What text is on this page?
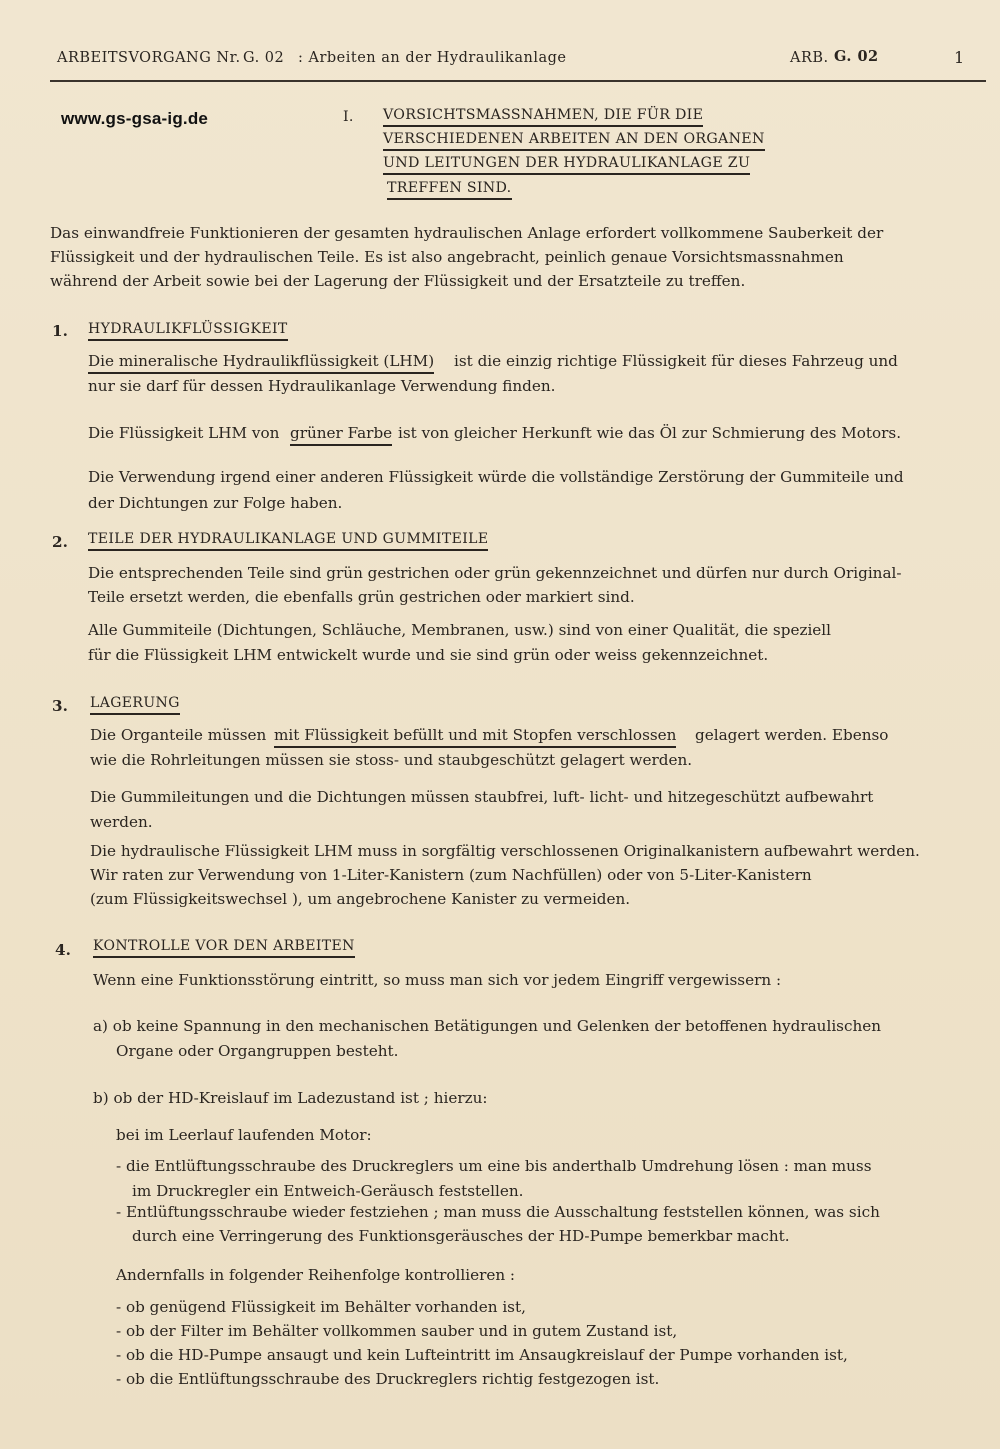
ARBEITSVORGANG Nr. G. 02 : Arbeiten an der Hydraulikanlage	ARB. G. 02	1
www.gs-gsa-ig.de	I. VORSICHTSMASSNAHMEN, DIE FÜR DIE
VERSCHIEDENEN ARBEITEN AN DEN ORGANEN
UND LEITUNGEN DER HYDRAULIKANLAGE ZU
TREFFEN SIND.
Das einwandfreie Funktionieren der gesamten hydraulischen Anlage erfordert vollkommene Sauberkeit der
Flüssigkeit und der hydraulischen Teile. Es ist also angebracht, peinlich genaue Vorsichtsmassnahmen
während der Arbeit sowie bei der Lagerung der Flüssigkeit und der Ersatzteile zu treffen.
1. HYDRAULIKFLÜSSIGKEIT
Die mineralische Hydraulikflüssigkeit (LHM) ist die einzig richtige Flüssigkeit für dieses Fahrzeug und
nur sie darf für dessen Hydraulikanlage Verwendung finden.
Die Flüssigkeit LHM von grüner Farbe ist von gleicher Herkunft wie das Öl zur Schmierung des Motors.
Die Verwendung irgend einer anderen Flüssigkeit würde die vollständige Zerstörung der Gummiteile und
der Dichtungen zur Folge haben.
2. TEILE DER HYDRAULIKANLAGE UND GUMMITEILE
Die entsprechenden Teile sind grün gestrichen oder grün gekennzeichnet und dürfen nur durch Original-
Teile ersetzt werden, die ebenfalls grün gestrichen oder markiert sind.
Alle Gummiteile (Dichtungen, Schläuche, Membranen, usw.) sind von einer Qualität, die speziell
für die Flüssigkeit LHM entwickelt wurde und sie sind grün oder weiss gekennzeichnet.
3. LAGERUNG
Die Organteile müssen mit Flüssigkeit befüllt und mit Stopfen verschlossen gelagert werden. Ebenso
wie die Rohrleitungen müssen sie stoss- und staubgeschützt gelagert werden.
Die Gummileitungen und die Dichtungen müssen staubfrei, luft- licht- und hitzegeschützt aufbewahrt
werden.
Die hydraulische Flüssigkeit LHM muss in sorgfältig verschlossenen Originalkanistern aufbewahrt werden.
Wir raten zur Verwendung von 1-Liter-Kanistern (zum Nachfüllen) oder von 5-Liter-Kanistern
(zum Flüssigkeitswechsel ), um angebrochene Kanister zu vermeiden.
4. KONTROLLE VOR DEN ARBEITEN
Wenn eine Funktionsstörung eintritt, so muss man sich vor jedem Eingriff vergewissern :
a) ob keine Spannung in den mechanischen Betätigungen und Gelenken der betoffenen hydraulischen
Organe oder Organgruppen besteht.
b) ob der HD-Kreislauf im Ladezustand ist ; hierzu:
bei im Leerlauf laufenden Motor:
- die Entlüftungsschraube des Druckreglers um eine bis anderthalb Umdrehung lösen : man muss
im Druckregler ein Entweich-Geräusch feststellen.
- Entlüftungsschraube wieder festziehen ; man muss die Ausschaltung feststellen können, was sich
durch eine Verringerung des Funktionsgeräusches der HD-Pumpe bemerkbar macht.
Andernfalls in folgender Reihenfolge kontrollieren :
- ob genügend Flüssigkeit im Behälter vorhanden ist,
- ob der Filter im Behälter vollkommen sauber und in gutem Zustand ist,
- ob die HD-Pumpe ansaugt und kein Lufteintritt im Ansaugkreislauf der Pumpe vorhanden ist,
- ob die Entlüftungsschraube des Druckreglers richtig festgezogen ist.
